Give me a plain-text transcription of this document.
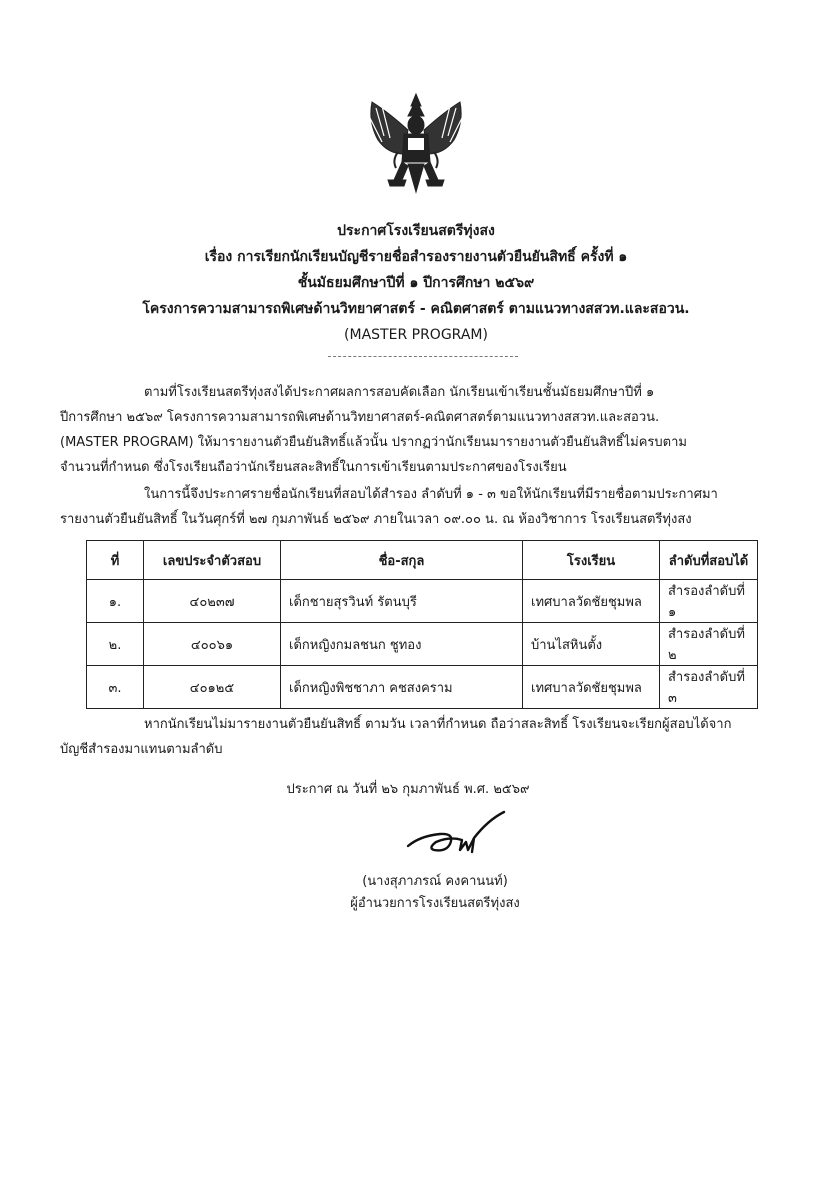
ประกาศโรงเรียนสตรีทุ่งสง
เรื่อง การเรียกนักเรียนบัญชีรายชื่อสำรองรายงานตัวยืนยันสิทธิ์ ครั้งที่ ๑
ชั้นมัธยมศึกษาปีที่ ๑ ปีการศึกษา ๒๕๖๙
โครงการความสามารถพิเศษด้านวิทยาศาสตร์ - คณิตศาสตร์ ตามแนวทางสสวท.และสอวน.
(MASTER PROGRAM)
ตามที่โรงเรียนสตรีทุ่งสงได้ประกาศผลการสอบคัดเลือก นักเรียนเข้าเรียนชั้นมัธยมศึกษาปีที่ ๑
ปีการศึกษา ๒๕๖๙ โครงการความสามารถพิเศษด้านวิทยาศาสตร์-คณิตศาสตร์ตามแนวทางสสวท.และสอวน.
(MASTER PROGRAM) ให้มารายงานตัวยืนยันสิทธิ์แล้วนั้น ปรากฏว่านักเรียนมารายงานตัวยืนยันสิทธิ์ไม่ครบตาม
จำนวนที่กำหนด ซึ่งโรงเรียนถือว่านักเรียนสละสิทธิ์ในการเข้าเรียนตามประกาศของโรงเรียน
ในการนี้จึงประกาศรายชื่อนักเรียนที่สอบได้สำรอง ลำดับที่ ๑ - ๓ ขอให้นักเรียนที่มีรายชื่อตามประกาศมา
รายงานตัวยืนยันสิทธิ์ ในวันศุกร์ที่ ๒๗ กุมภาพันธ์ ๒๕๖๙ ภายในเวลา ๐๙.๐๐ น. ณ ห้องวิชาการ โรงเรียนสตรีทุ่งสง
ที่	เลขประจำตัวสอบ	ชื่อ-สกุล	โรงเรียน	ลำดับที่สอบได้
๑.	๔๐๒๓๗	เด็กชายสุรวินท์ รัตนบุรี	เทศบาลวัดชัยชุมพล	สำรองลำดับที่ ๑
๒.	๔๐๐๖๑	เด็กหญิงกมลชนก ชูทอง	บ้านไสหินตั้ง	สำรองลำดับที่ ๒
๓.	๔๐๑๒๕	เด็กหญิงพิชชาภา คชสงคราม	เทศบาลวัดชัยชุมพล	สำรองลำดับที่ ๓
หากนักเรียนไม่มารายงานตัวยืนยันสิทธิ์ ตามวัน เวลาที่กำหนด ถือว่าสละสิทธิ์ โรงเรียนจะเรียกผู้สอบได้จาก
บัญชีสำรองมาแทนตามลำดับ
ประกาศ ณ วันที่ ๒๖ กุมภาพันธ์ พ.ศ. ๒๕๖๙
(นางสุภาภรณ์ คงคานนท์)
ผู้อำนวยการโรงเรียนสตรีทุ่งสง
